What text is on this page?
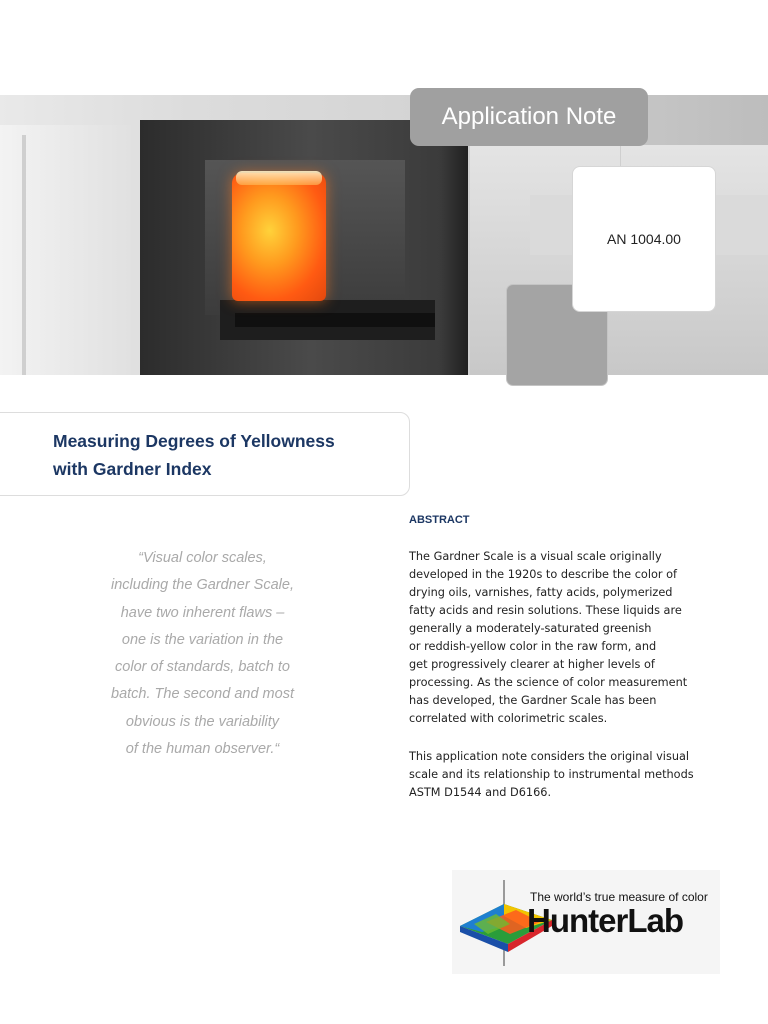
Application Note
AN 1004.00
Measuring Degrees of Yellowness
with Gardner Index
“Visual color scales,
including the Gardner Scale,
have two inherent flaws –
one is the variation in the
color of standards, batch to
batch. The second and most
obvious is the variability
of the human observer.“
ABSTRACT
The Gardner Scale is a visual scale originally
developed in the 1920s to describe the color of
drying oils, varnishes, fatty acids, polymerized
fatty acids and resin solutions. These liquids are
generally a moderately-saturated greenish
or reddish-yellow color in the raw form, and
get progressively clearer at higher levels of
processing. As the science of color measurement
has developed, the Gardner Scale has been
correlated with colorimetric scales.
This application note considers the original visual
scale and its relationship to instrumental methods
ASTM D1544 and D6166.
The world’s true measure of color
HunterLab
